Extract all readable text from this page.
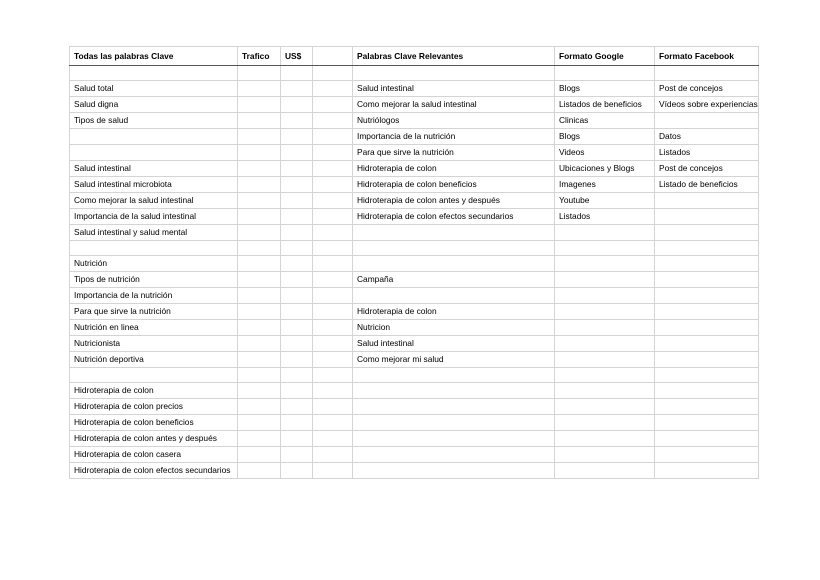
Todas las palabras Clave	Trafico	US$		Palabras Clave Relevantes	Formato Google	Formato Facebook

Salud total				Salud intestinal	Blogs	Post de concejos
Salud digna				Como mejorar la salud intestinal	Listados de beneficios	Vídeos sobre experiencias
Tipos de salud				Nutriólogos	Clinicas	
				Importancia de la nutrición	Blogs	Datos
				Para que sirve la nutrición	Videos	Listados
Salud intestinal				Hidroterapia de colon	Ubicaciones y Blogs	Post de concejos
Salud intestinal microbiota				Hidroterapia de colon beneficios	Imagenes	Listado de beneficios
Como mejorar la salud intestinal				Hidroterapia de colon antes y después	Youtube	
Importancia de la salud intestinal				Hidroterapia de colon efectos secundarios	Listados	
Salud intestinal y salud mental						

Nutrición						
Tipos de nutrición				Campaña		
Importancia de la nutrición						
Para que sirve la nutrición				Hidroterapia de colon		
Nutrición en linea				Nutricion		
Nutricionista				Salud intestinal		
Nutrición deportiva				Como mejorar mi salud		

Hidroterapia de colon						
Hidroterapia de colon precios						
Hidroterapia de colon beneficios						
Hidroterapia de colon antes y después						
Hidroterapia de colon casera						
Hidroterapia de colon efectos secundarios						
